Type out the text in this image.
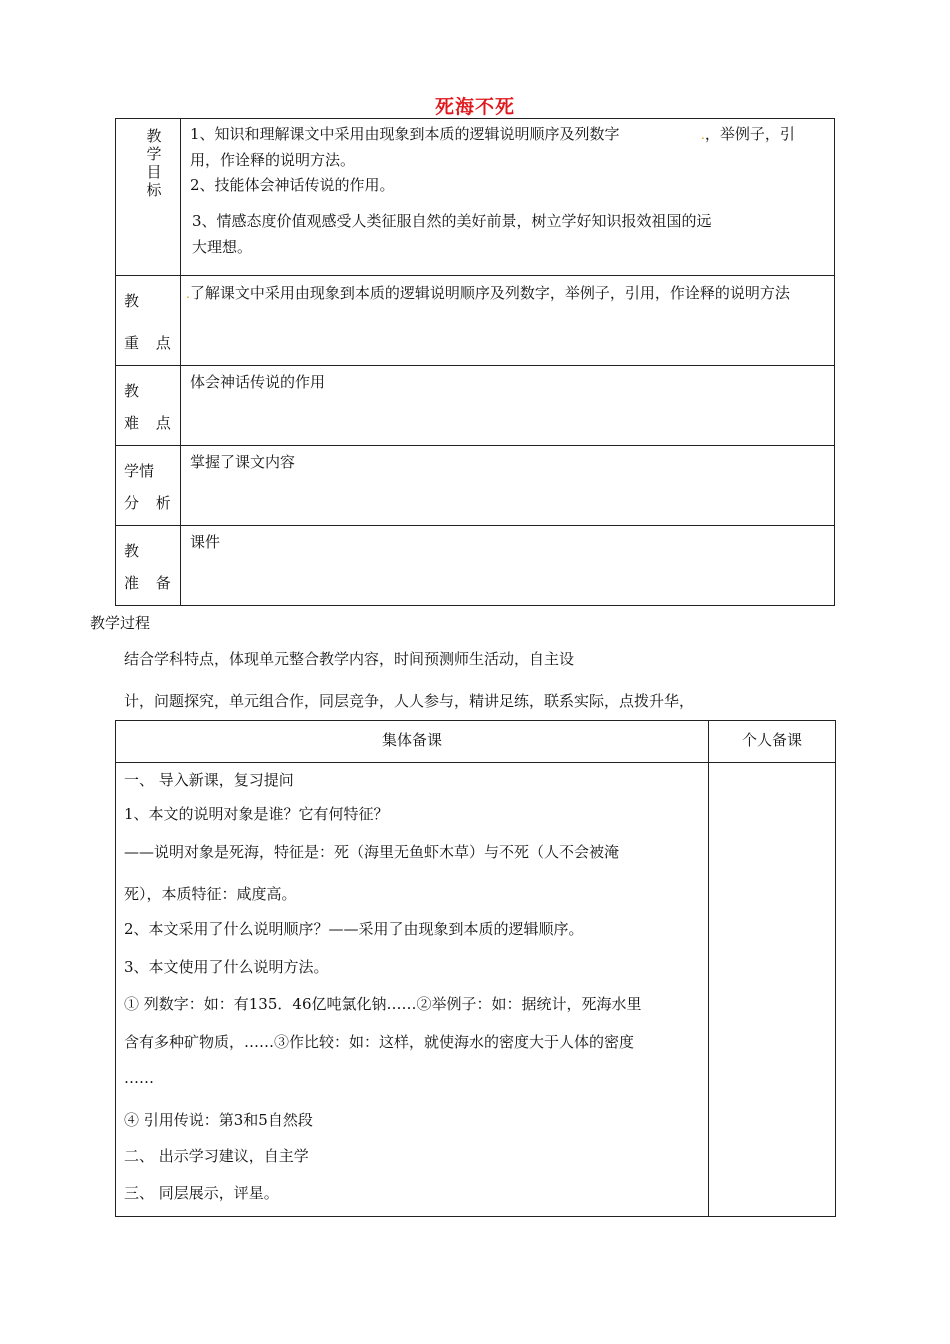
死海不死
教
学
目
标
1、知识和理解课文中采用由现象到本质的逻辑说明顺序及列数字	.，举例子，引
用，作诠释的说明方法。
2、技能体会神话传说的作用。
3、情感态度价值观感受人类征服自然的美好前景，树立学好知识报效祖国的远
大理想。
教
重 点
.了解课文中采用由现象到本质的逻辑说明顺序及列数字，举例子，引用，作诠释的说明方法
教
难 点
体会神话传说的作用
学情
分 析
掌握了课文内容
教
准 备
课件
教学过程
结合学科特点，体现单元整合教学内容，时间预测师生活动，自主设
计，问题探究，单元组合作，同层竞争，人人参与，精讲足练，联系实际，点拨升华，
集体备课	个人备课
一、 导入新课，复习提问
1、本文的说明对象是谁？它有何特征？
——说明对象是死海，特征是：死（海里无鱼虾木草）与不死（人不会被淹
死），本质特征：咸度高。
2、本文采用了什么说明顺序？——采用了由现象到本质的逻辑顺序。
3、本文使用了什么说明方法。
① 列数字：如：有135．46亿吨氯化钠……②举例子：如：据统计，死海水里
含有多种矿物质，……③作比较：如：这样，就使海水的密度大于人体的密度
……
④ 引用传说：第3和5自然段
二、 出示学习建议，自主学
三、 同层展示，评星。
